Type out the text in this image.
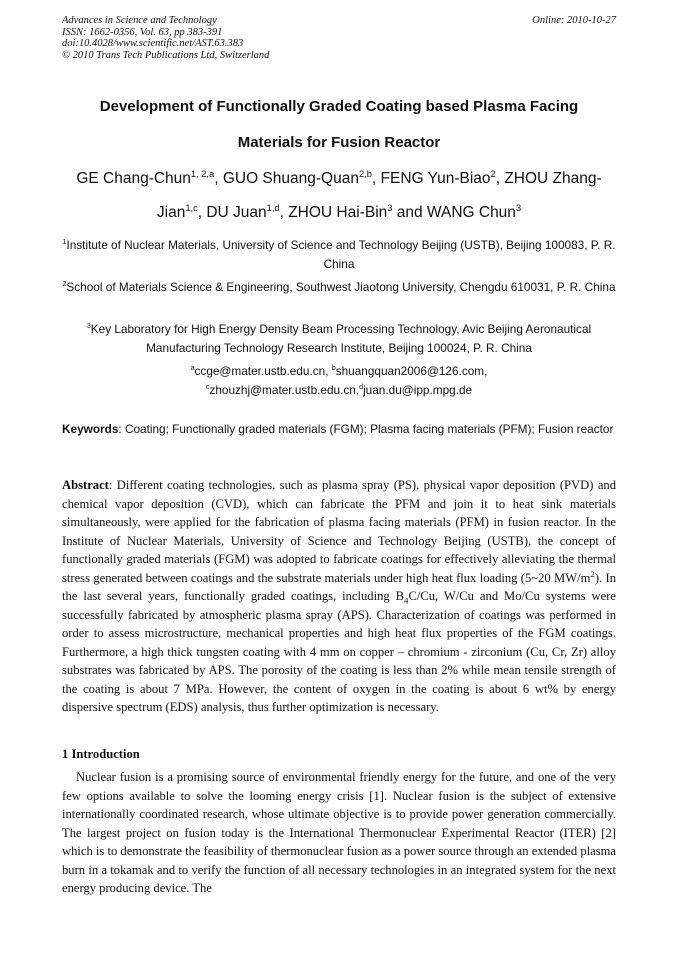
Advances in Science and Technology
ISSN: 1662-0356, Vol. 63, pp 383-391
doi:10.4028/www.scientific.net/AST.63.383
© 2010 Trans Tech Publications Ltd, Switzerland
Online: 2010-10-27
Development of Functionally Graded Coating based Plasma Facing
Materials for Fusion Reactor
GE Chang-Chun$^{1, 2,a}$, GUO Shuang-Quan$^{2,b}$, FENG Yun-Biao$^2$, ZHOU Zhang-Jian$^{1,c}$, DU Juan$^{1,d}$, ZHOU Hai-Bin$^3$ and WANG Chun$^3$
$^1$Institute of Nuclear Materials, University of Science and Technology Beijing (USTB), Beijing 100083, P. R. China
$^2$School of Materials Science & Engineering, Southwest Jiaotong University, Chengdu 610031, P. R. China
$^3$Key Laboratory for High Energy Density Beam Processing Technology, Avic Beijing Aeronautical Manufacturing Technology Research Institute, Beijing 100024, P. R. China
$^a$ccge@mater.ustb.edu.cn, $^b$shuangquan2006@126.com, $^c$zhouzhj@mater.ustb.edu.cn,$^d$juan.du@ipp.mpg.de
Keywords: Coating; Functionally graded materials (FGM); Plasma facing materials (PFM); Fusion reactor
Abstract: Different coating technologies, such as plasma spray (PS), physical vapor deposition (PVD) and chemical vapor deposition (CVD), which can fabricate the PFM and join it to heat sink materials simultaneously, were applied for the fabrication of plasma facing materials (PFM) in fusion reactor. In the Institute of Nuclear Materials, University of Science and Technology Beijing (USTB), the concept of functionally graded materials (FGM) was adopted to fabricate coatings for effectively alleviating the thermal stress generated between coatings and the substrate materials under high heat flux loading (5~20 $MW/m^2$). In the last several years, functionally graded coatings, including $B_4C/Cu$, W/Cu and Mo/Cu systems were successfully fabricated by atmospheric plasma spray (APS). Characterization of coatings was performed in order to assess microstructure, mechanical properties and high heat flux properties of the FGM coatings. Furthermore, a high thick tungsten coating with 4 mm on copper – chromium - zirconium (Cu, Cr, Zr) alloy substrates was fabricated by APS. The porosity of the coating is less than 2% while mean tensile strength of the coating is about 7 MPa. However, the content of oxygen in the coating is about 6 wt% by energy dispersive spectrum (EDS) analysis, thus further optimization is necessary.
1 Introduction
Nuclear fusion is a promising source of environmental friendly energy for the future, and one of the very few options available to solve the looming energy crisis [1]. Nuclear fusion is the subject of extensive internationally coordinated research, whose ultimate objective is to provide power generation commercially. The largest project on fusion today is the International Thermonuclear Experimental Reactor (ITER) [2] which is to demonstrate the feasibility of thermonuclear fusion as a power source through an extended plasma burn in a tokamak and to verify the function of all necessary technologies in an integrated system for the next energy producing device. The
